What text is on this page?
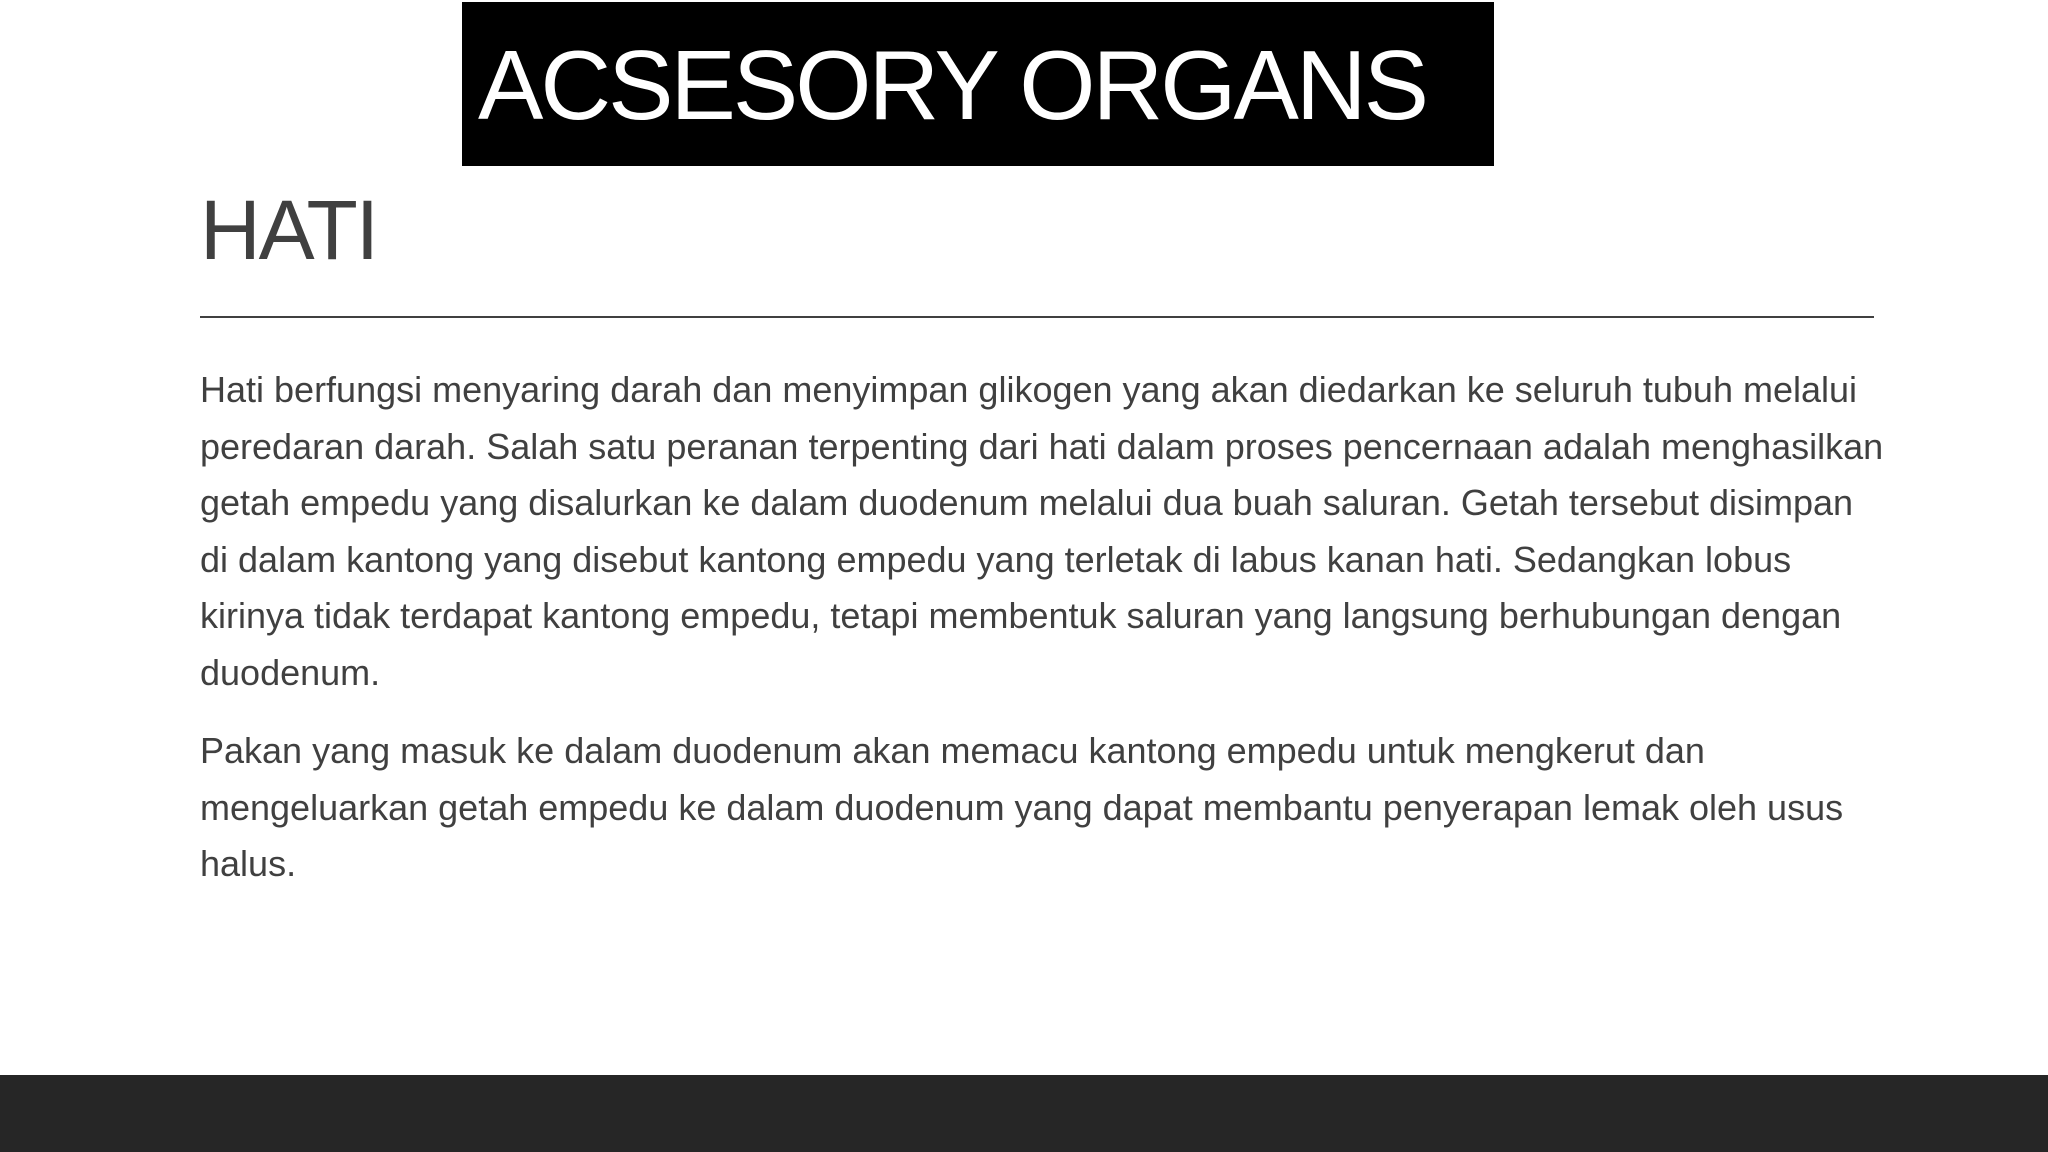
ACSESORY ORGANS
HATI

Hati berfungsi menyaring darah dan menyimpan glikogen yang akan diedarkan ke seluruh tubuh melalui peredaran darah. Salah satu peranan terpenting dari hati dalam proses pencernaan adalah menghasilkan getah empedu yang disalurkan ke dalam duodenum melalui dua buah saluran. Getah tersebut disimpan di dalam kantong yang disebut kantong empedu yang terletak di labus kanan hati. Sedangkan lobus kirinya tidak terdapat kantong empedu, tetapi membentuk saluran yang langsung berhubungan dengan duodenum.

Pakan yang masuk ke dalam duodenum akan memacu kantong empedu untuk mengkerut dan mengeluarkan getah empedu ke dalam duodenum yang dapat membantu penyerapan lemak oleh usus halus.
